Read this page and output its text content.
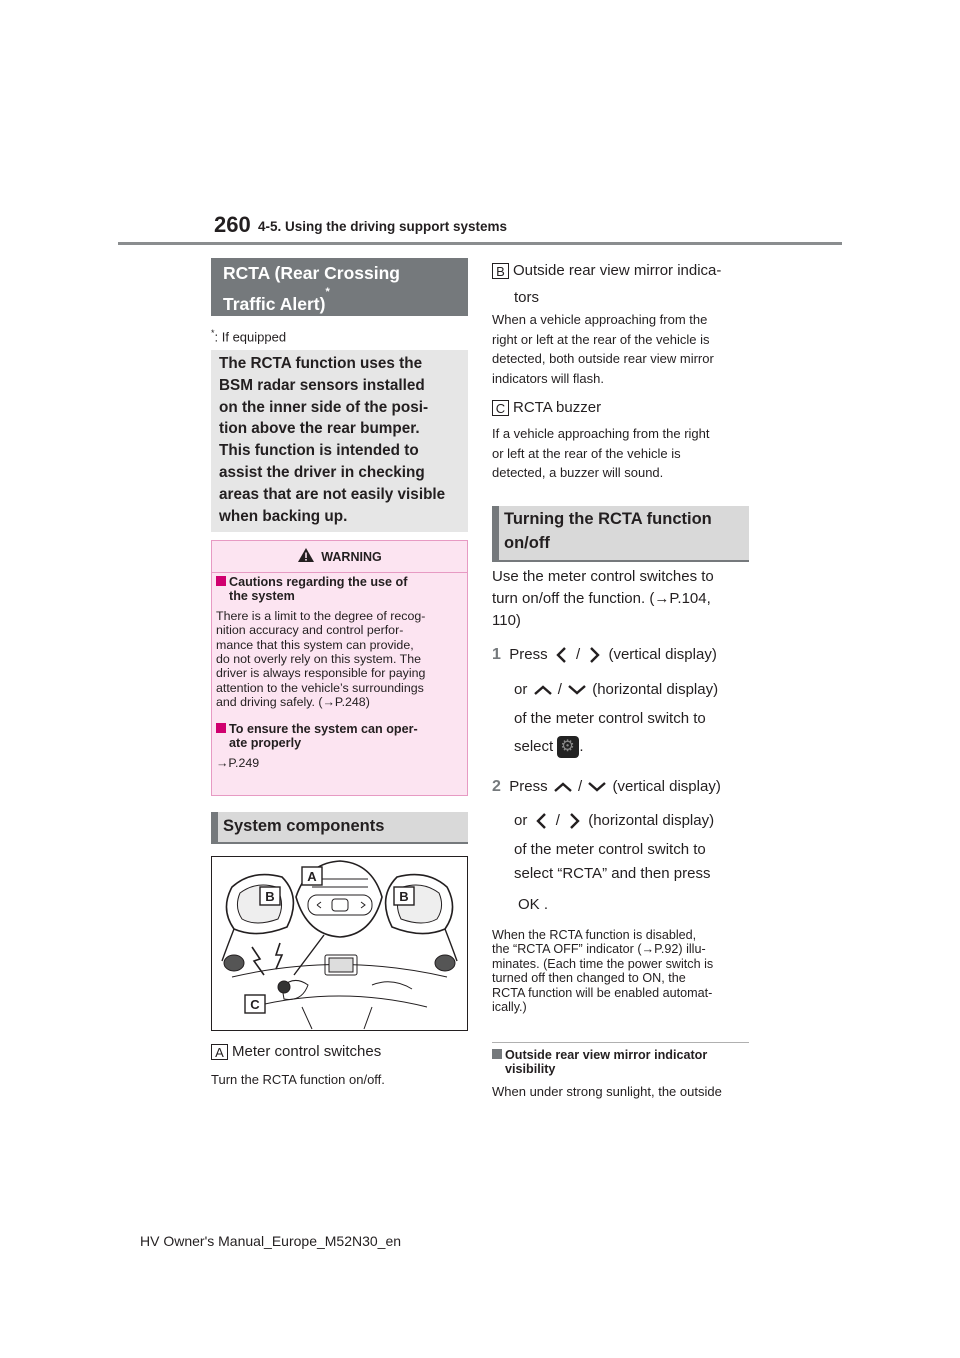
260 4-5. Using the driving support systems
RCTA (Rear Crossing
Traffic Alert)*
*: If equipped
The RCTA function uses the
BSM radar sensors installed
on the inner side of the posi-
tion above the rear bumper.
This function is intended to
assist the driver in checking
areas that are not easily visible
when backing up.
WARNING
Cautions regarding the use of
the system
There is a limit to the degree of recog-
nition accuracy and control perfor-
mance that this system can provide,
do not overly rely on this system. The
driver is always responsible for paying
attention to the vehicle’s surroundings
and driving safely. (→P.248)
To ensure the system can oper-
ate properly
→P.249
System components
B	B
A
C
A Meter control switches
Turn the RCTA function on/off.
B Outside rear view mirror indica-
tors
When a vehicle approaching from the
right or left at the rear of the vehicle is
detected, both outside rear view mirror
indicators will flash.
C RCTA buzzer
If a vehicle approaching from the right
or left at the rear of the vehicle is
detected, a buzzer will sound.
Turning the RCTA function
on/off
Use the meter control switches to
turn on/off the function. (→P.104,
110)
1 Press / (vertical display)
or / (horizontal display)
of the meter control switch to
select ⚙ .
2 Press / (vertical display)
or / (horizontal display)
of the meter control switch to
select “RCTA” and then press
OK .
When the RCTA function is disabled,
the “RCTA OFF” indicator (→P.92) illu-
minates. (Each time the power switch is
turned off then changed to ON, the
RCTA function will be enabled automat-
ically.)
Outside rear view mirror indicator
visibility
When under strong sunlight, the outside
HV Owner's Manual_Europe_M52N30_en
